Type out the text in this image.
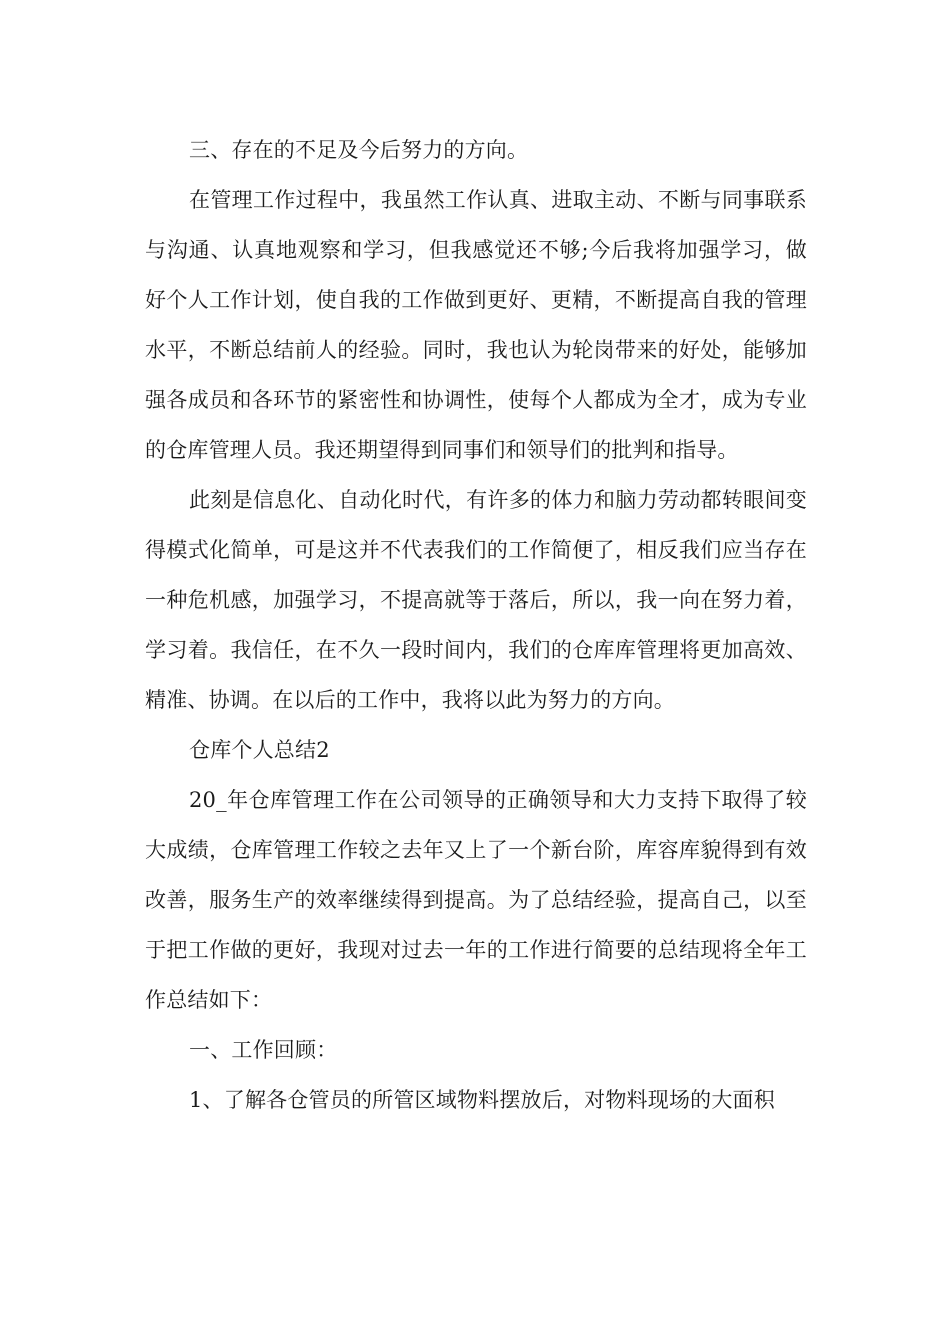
三、存在的不足及今后努力的方向。

在管理工作过程中，我虽然工作认真、进取主动、不断与同事联系与沟通、认真地观察和学习，但我感觉还不够;今后我将加强学习，做好个人工作计划，使自我的工作做到更好、更精，不断提高自我的管理水平，不断总结前人的经验。同时，我也认为轮岗带来的好处，能够加强各成员和各环节的紧密性和协调性，使每个人都成为全才，成为专业的仓库管理人员。我还期望得到同事们和领导们的批判和指导。

此刻是信息化、自动化时代，有许多的体力和脑力劳动都转眼间变得模式化简单，可是这并不代表我们的工作简便了，相反我们应当存在一种危机感，加强学习，不提高就等于落后，所以，我一向在努力着，学习着。我信任，在不久一段时间内，我们的仓库库管理将更加高效、精准、协调。在以后的工作中，我将以此为努力的方向。

仓库个人总结2

20_年仓库管理工作在公司领导的正确领导和大力支持下取得了较大成绩，仓库管理工作较之去年又上了一个新台阶，库容库貌得到有效改善，服务生产的效率继续得到提高。为了总结经验，提高自己，以至于把工作做的更好，我现对过去一年的工作进行简要的总结现将全年工作总结如下：

一、工作回顾：

1、了解各仓管员的所管区域物料摆放后，对物料现场的大面积
